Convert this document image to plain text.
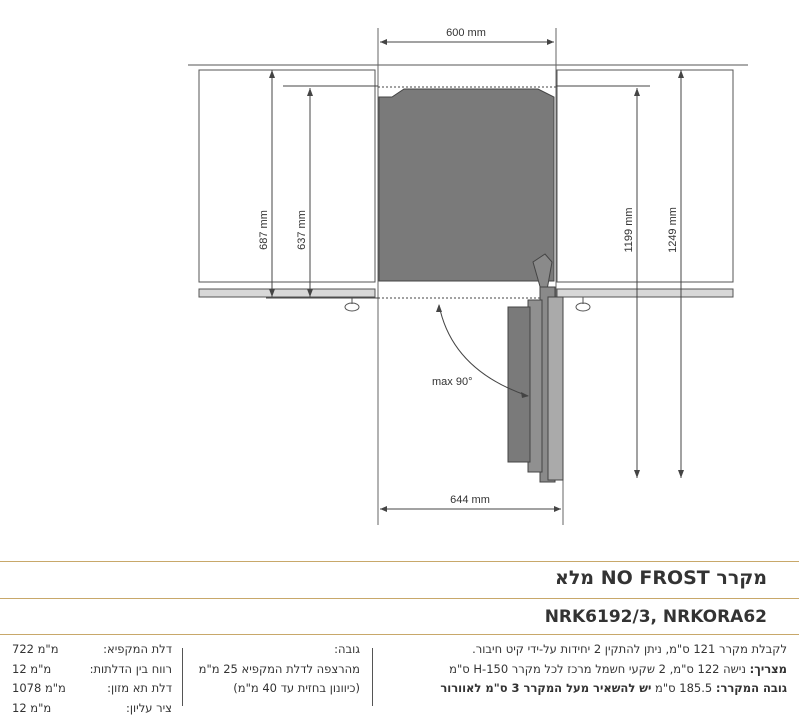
600 mm
687 mm 637 mm	1199 mm	1249 mm
max 90°
644 mm
מקרר NO FROST מלא
NRK6192/3, NRKORA62
לקבלת מקרר 121 ס"מ, ניתן להתקין 2 יחידות על-ידי קיט חיבור.
מצריך: נישה 122 ס"מ, 2 שקעי חשמל מרכז לכל מקרר 150-H ס"מ
גובה המקרר: 185.5 ס"מ יש להשאיר מעל המקרר 3 ס"מ לאוורור
גובה:
מהרצפה לדלת המקפיא 25 מ"מ
(כיוונון בחזית עד 40 מ"מ)
דלת המקפיא:
722 מ"מ
רווח בין הדלתות:
12 מ"מ
דלת תא מזון:
1078 מ"מ
ציר עליון:
12 מ"מ
